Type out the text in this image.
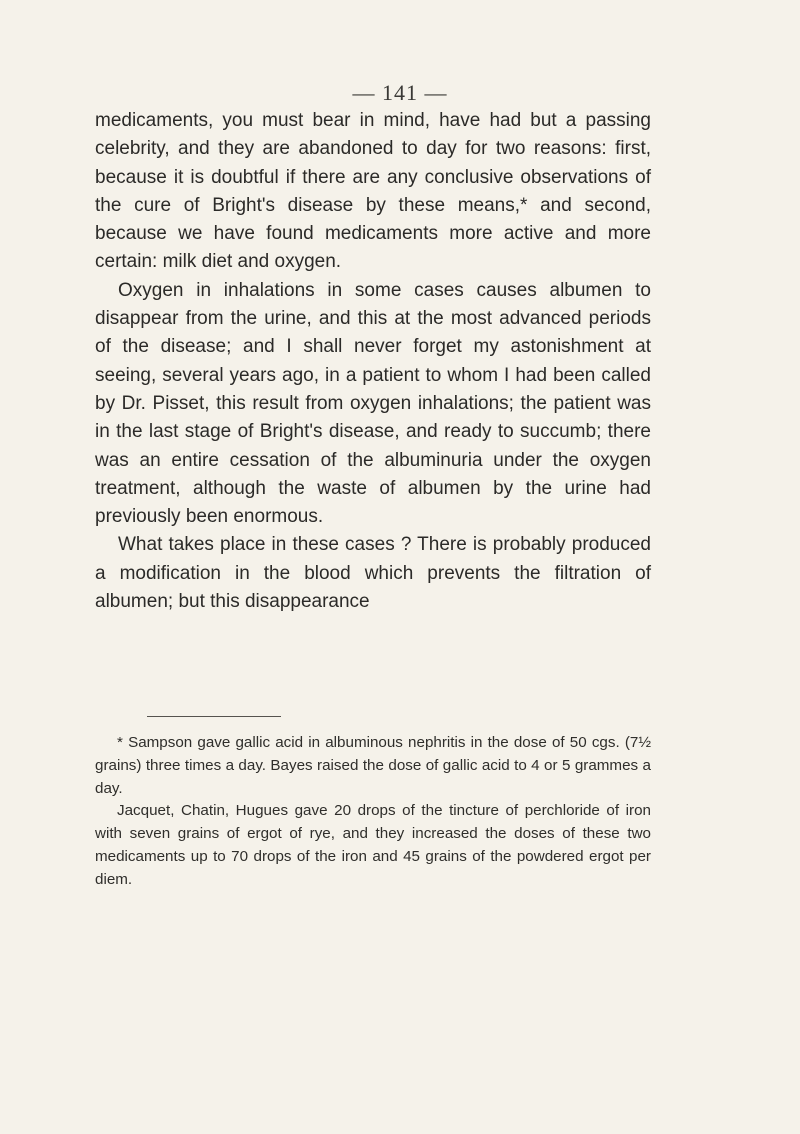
— 141 —

medicaments, you must bear in mind, have had but a passing celebrity, and they are abandoned to day for two reasons: first, because it is doubtful if there are any conclusive observations of the cure of Bright's disease by these means,* and second, because we have found medicaments more active and more certain: milk diet and oxygen.

Oxygen in inhalations in some cases causes albumen to disappear from the urine, and this at the most advanced periods of the disease; and I shall never forget my astonishment at seeing, several years ago, in a patient to whom I had been called by Dr. Pisset, this result from oxygen inhalations; the patient was in the last stage of Bright's disease, and ready to succumb; there was an entire cessation of the albuminuria under the oxygen treatment, although the waste of albumen by the urine had previously been enormous.

What takes place in these cases ? There is probably produced a modification in the blood which prevents the filtration of albumen; but this disappearance

* Sampson gave gallic acid in albuminous nephritis in the dose of 50 cgs. (7½ grains) three times a day. Bayes raised the dose of gallic acid to 4 or 5 grammes a day.

Jacquet, Chatin, Hugues gave 20 drops of the tincture of perchloride of iron with seven grains of ergot of rye, and they increased the doses of these two medicaments up to 70 drops of the iron and 45 grains of the powdered ergot per diem.
